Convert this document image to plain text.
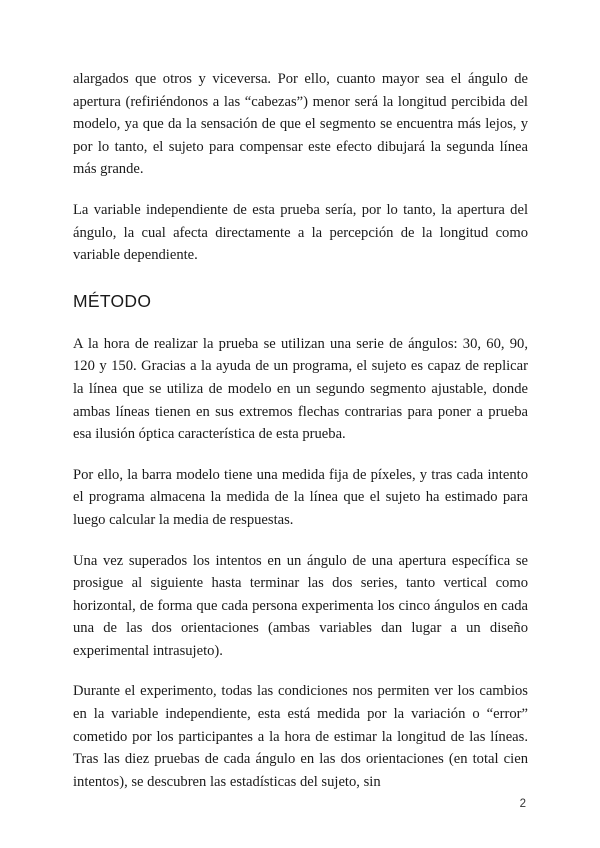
alargados que otros y viceversa. Por ello, cuanto mayor sea el ángulo de apertura (refiriéndonos a las “cabezas”) menor será la longitud percibida del modelo, ya que da la sensación de que el segmento se encuentra más lejos, y por lo tanto, el sujeto para compensar este efecto dibujará la segunda línea más grande.

La variable independiente de esta prueba sería, por lo tanto, la apertura del ángulo, la cual afecta directamente a la percepción de la longitud como variable dependiente.

MÉTODO

A la hora de realizar la prueba se utilizan una serie de ángulos: 30, 60, 90, 120 y 150. Gracias a la ayuda de un programa, el sujeto es capaz de replicar la línea que se utiliza de modelo en un segundo segmento ajustable, donde ambas líneas tienen en sus extremos flechas contrarias para poner a prueba esa ilusión óptica característica de esta prueba.

Por ello, la barra modelo tiene una medida fija de píxeles, y tras cada intento el programa almacena la medida de la línea que el sujeto ha estimado para luego calcular la media de respuestas.

Una vez superados los intentos en un ángulo de una apertura específica se prosigue al siguiente hasta terminar las dos series, tanto vertical como horizontal, de forma que cada persona experimenta los cinco ángulos en cada una de las dos orientaciones (ambas variables dan lugar a un diseño experimental intrasujeto).

Durante el experimento, todas las condiciones nos permiten ver los cambios en la variable independiente, esta está medida por la variación o “error” cometido por los participantes a la hora de estimar la longitud de las líneas. Tras las diez pruebas de cada ángulo en las dos orientaciones (en total cien intentos), se descubren las estadísticas del sujeto, sin

2
